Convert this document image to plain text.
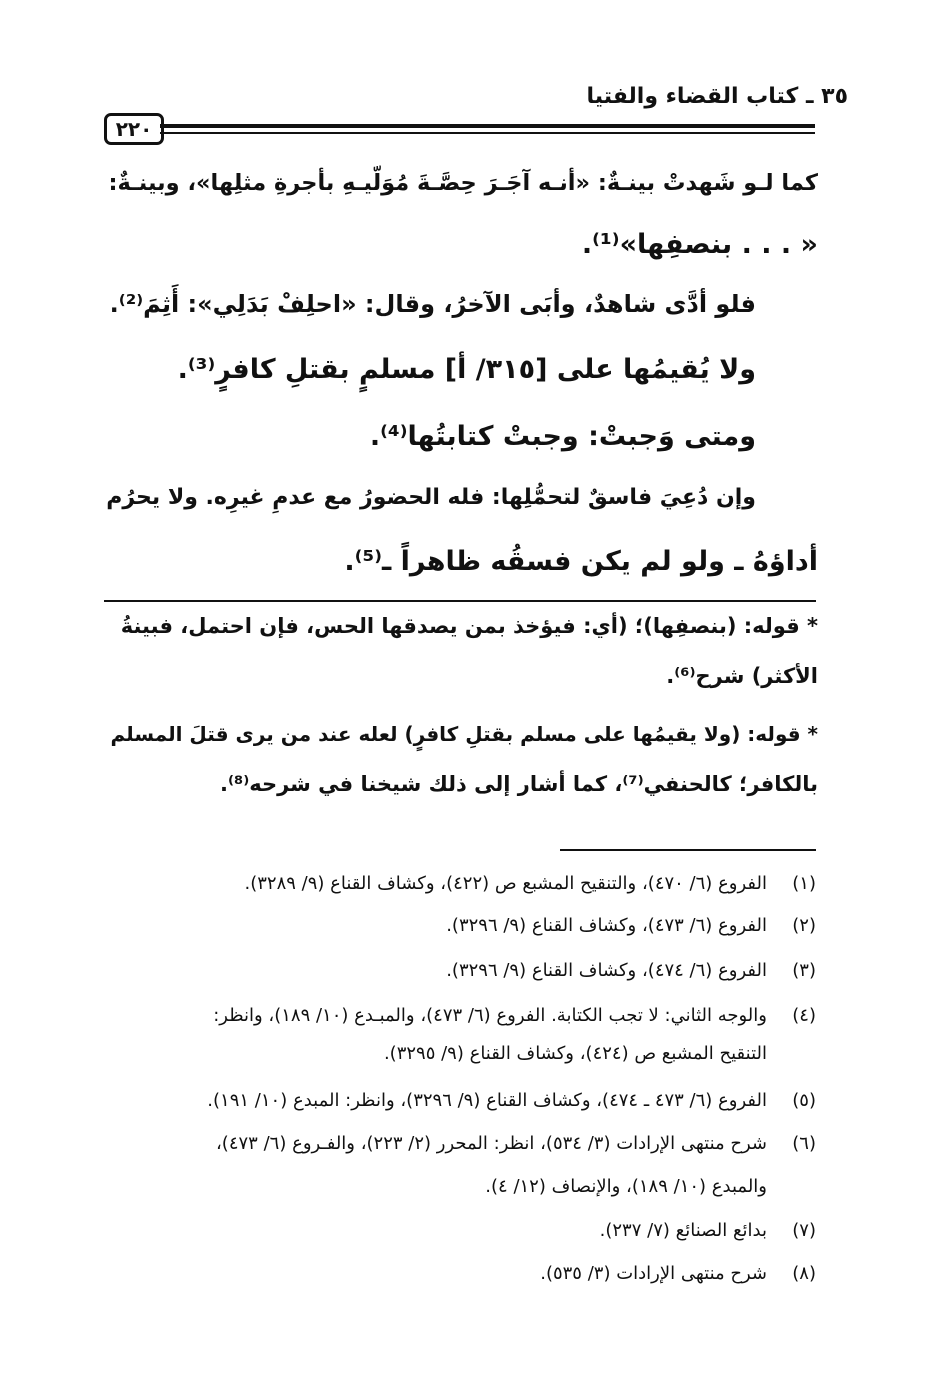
٣٥ ـ كتاب القضاء والفتيا
٢٢٠
كما لـو شَهدتْ بينـةٌ: «أنـه آجَـرَ حِصَّـةَ مُوَلّيـهِ بأجرةِ مثلِها»، وبينـةٌ:
« . . . بنصفِها»⁽¹⁾.
فلو أدَّى شاهدٌ، وأبَى الآخرُ، وقال: «احلِفْ بَدَلِي»: أَثِمَ⁽²⁾.
ولا يُقيمُها على [٣١٥/ أ] مسلمٍ بقتلِ كافرٍ⁽³⁾.
ومتى وَجبتْ: وجبتْ كتابتُها⁽⁴⁾.
وإن دُعِيَ فاسقٌ لتحمُّلِها: فله الحضورُ مع عدمِ غيرِه. ولا يحرُم
أداؤهُ ـ ولو لم يكن فسقُه ظاهراً ـ⁽⁵⁾.
* قوله: (بنصفِها)؛ (أي: فيؤخذ بمن يصدقها الحس، فإن احتمل، فبينةُ
الأكثر) شرح⁽⁶⁾.
* قوله: (ولا يقيمُها على مسلم بقتلِ كافرٍ) لعله عند من يرى قتلَ المسلم
بالكافر؛ كالحنفي⁽⁷⁾، كما أشار إلى ذلك شيخنا في شرحه⁽⁸⁾.
(١)
الفروع (٦/ ٤٧٠)، والتنقيح المشبع ص (٤٢٢)، وكشاف القناع (٩/ ٣٢٨٩).
(٢)
الفروع (٦/ ٤٧٣)، وكشاف القناع (٩/ ٣٢٩٦).
(٣)
الفروع (٦/ ٤٧٤)، وكشاف القناع (٩/ ٣٢٩٦).
(٤)
والوجه الثاني: لا تجب الكتابة. الفروع (٦/ ٤٧٣)، والمبـدع (١٠/ ١٨٩)، وانظر:
التنقيح المشبع ص (٤٢٤)، وكشاف القناع (٩/ ٣٢٩٥).
(٥)
الفروع (٦/ ٤٧٣ ـ ٤٧٤)، وكشاف القناع (٩/ ٣٢٩٦)، وانظر: المبدع (١٠/ ١٩١).
(٦)
شرح منتهى الإرادات (٣/ ٥٣٤)، انظر: المحرر (٢/ ٢٢٣)، والفـروع (٦/ ٤٧٣)،
والمبدع (١٠/ ١٨٩)، والإنصاف (١٢/ ٤).
(٧)
بدائع الصنائع (٧/ ٢٣٧).
(٨)
شرح منتهى الإرادات (٣/ ٥٣٥).
